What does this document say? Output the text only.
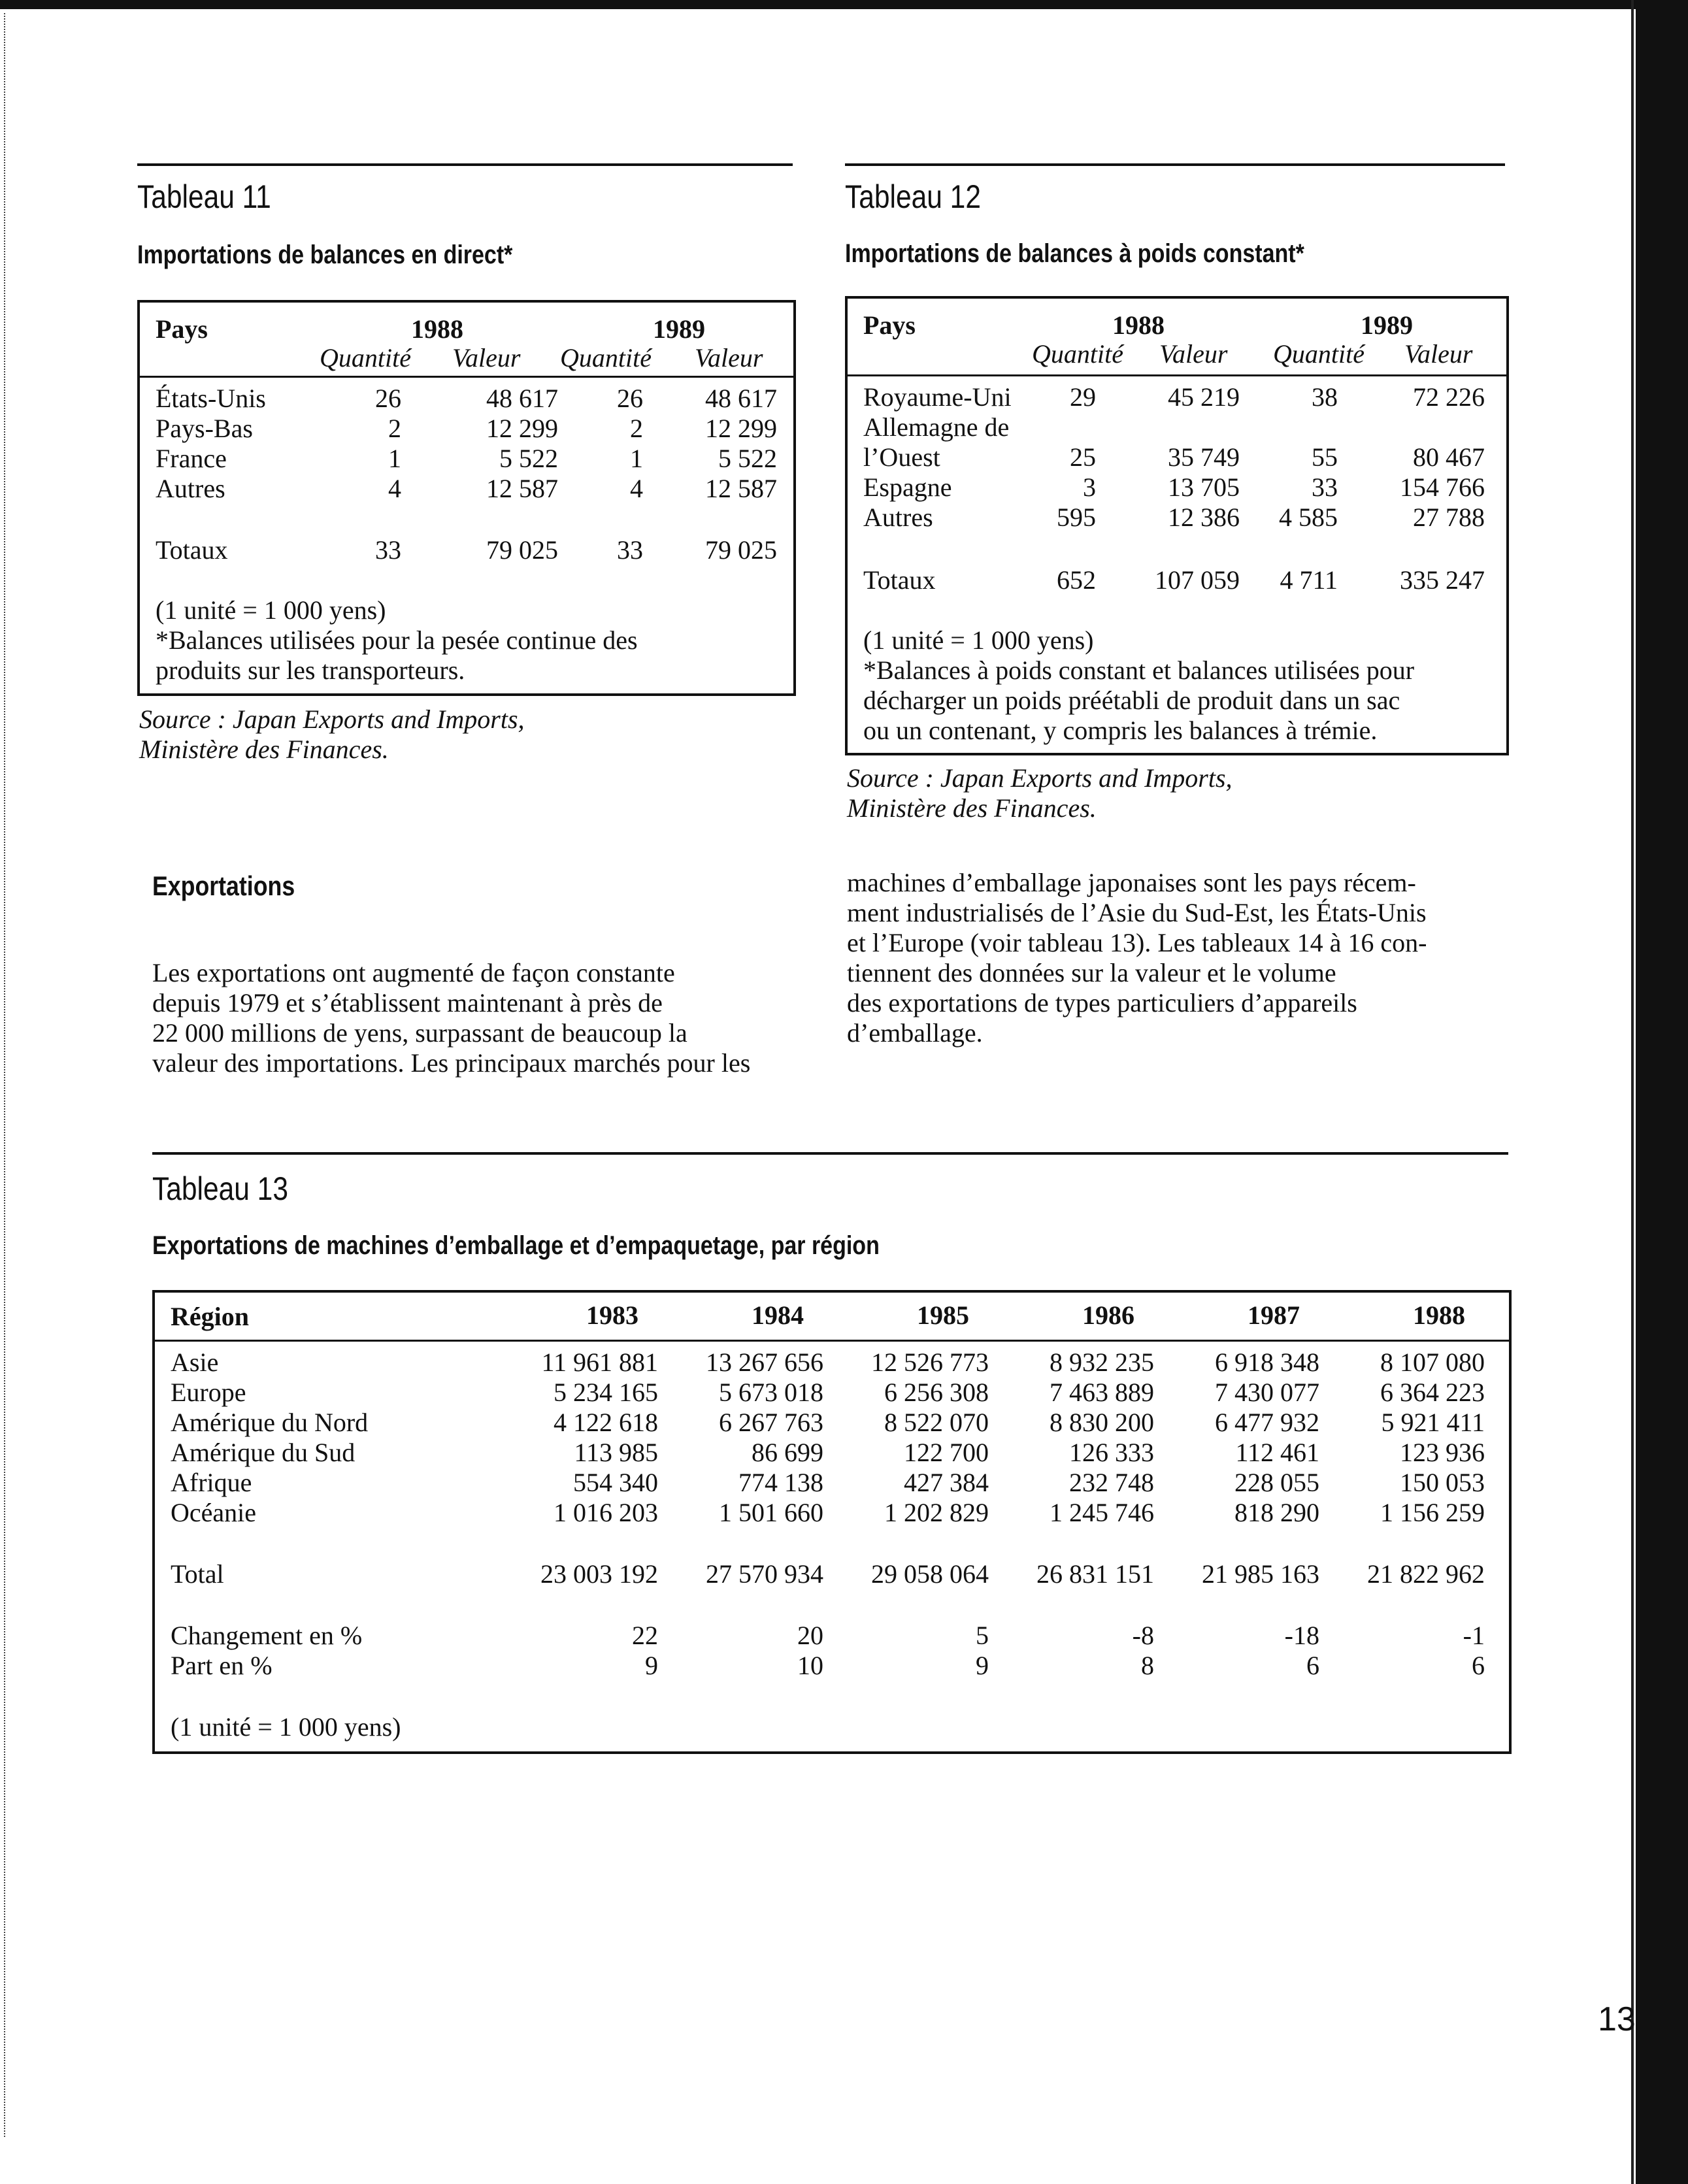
Tableau 11
Importations de balances en direct*
Pays	1988	1989
Quantité Valeur Quantité Valeur
États-Unis	26	48 617	26	48 617
Pays-Bas	2	12 299	2	12 299
France	1	5 522	1	5 522
Autres	4	12 587	4	12 587
Totaux	33	79 025	33	79 025
(1 unité = 1 000 yens)
*Balances utilisées pour la pesée continue des
produits sur les transporteurs.
Source : Japan Exports and Imports,
Ministère des Finances.
Tableau 12
Importations de balances à poids constant*
Pays	1988	1989
Quantité Valeur Quantité Valeur
Royaume-Uni	29	45 219	38	72 226
Allemagne de
l’Ouest	25	35 749	55	80 467
Espagne	3	13 705	33	154 766
Autres	595	12 386	4 585	27 788
Totaux	652	107 059	4 711	335 247
(1 unité = 1 000 yens)
*Balances à poids constant et balances utilisées pour
décharger un poids préétabli de produit dans un sac
ou un contenant, y compris les balances à trémie.
Source : Japan Exports and Imports,
Ministère des Finances.
Exportations
Les exportations ont augmenté de façon constante
depuis 1979 et s’établissent maintenant à près de
22 000 millions de yens, surpassant de beaucoup la
valeur des importations. Les principaux marchés pour les
machines d’emballage japonaises sont les pays récem-
ment industrialisés de l’Asie du Sud-Est, les États-Unis
et l’Europe (voir tableau 13). Les tableaux 14 à 16 con-
tiennent des données sur la valeur et le volume
des exportations de types particuliers d’appareils
d’emballage.
Tableau 13
Exportations de machines d’emballage et d’empaquetage, par région
Région	1983	1984	1985	1986	1987	1988
Asie	11 961 881	13 267 656	12 526 773	8 932 235	6 918 348	8 107 080
Europe	5 234 165	5 673 018	6 256 308	7 463 889	7 430 077	6 364 223
Amérique du Nord	4 122 618	6 267 763	8 522 070	8 830 200	6 477 932	5 921 411
Amérique du Sud	113 985	86 699	122 700	126 333	112 461	123 936
Afrique	554 340	774 138	427 384	232 748	228 055	150 053
Océanie	1 016 203	1 501 660	1 202 829	1 245 746	818 290	1 156 259
Total	23 003 192	27 570 934	29 058 064	26 831 151	21 985 163	21 822 962
Changement en %	22	20	5	-8	-18	-1
Part en %	9	10	9	8	6	6
(1 unité = 1 000 yens)
13
